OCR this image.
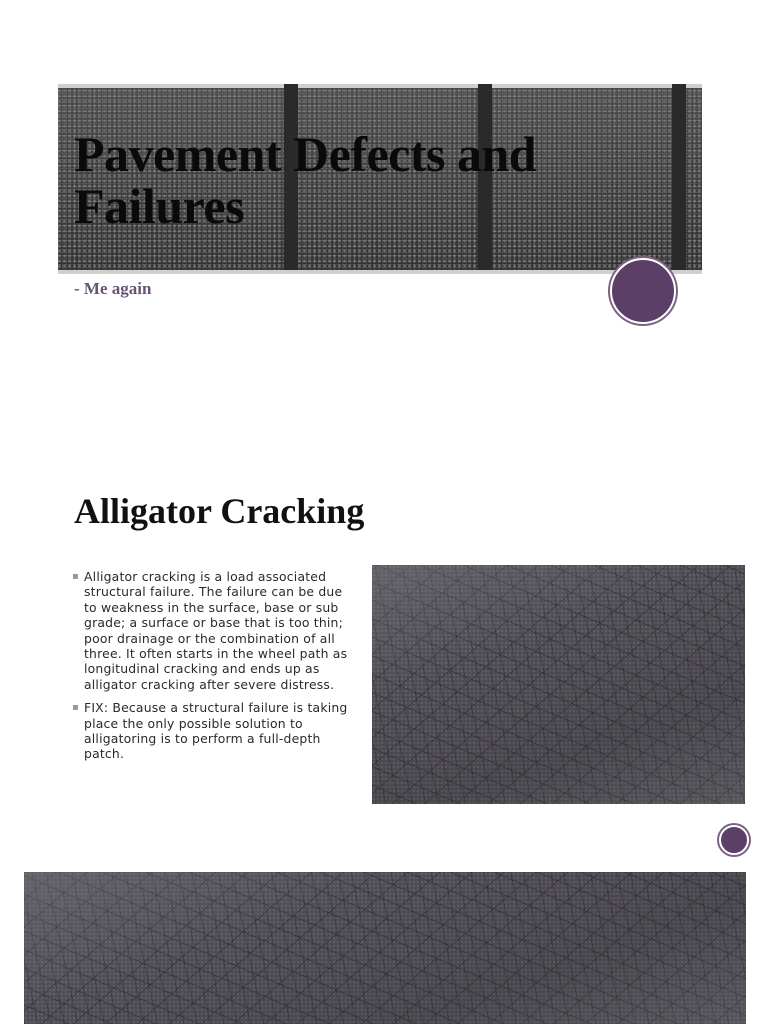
Pavement Defects and Failures
- Me again
Alligator Cracking
▪ Alligator cracking is a load associated structural failure. The failure can be due to weakness in the surface, base or sub grade; a surface or base that is too thin; poor drainage or the combination of all three. It often starts in the wheel path as longitudinal cracking and ends up as alligator cracking after severe distress.
▪ FIX: Because a structural failure is taking place the only possible solution to alligatoring is to perform a full-depth patch.
